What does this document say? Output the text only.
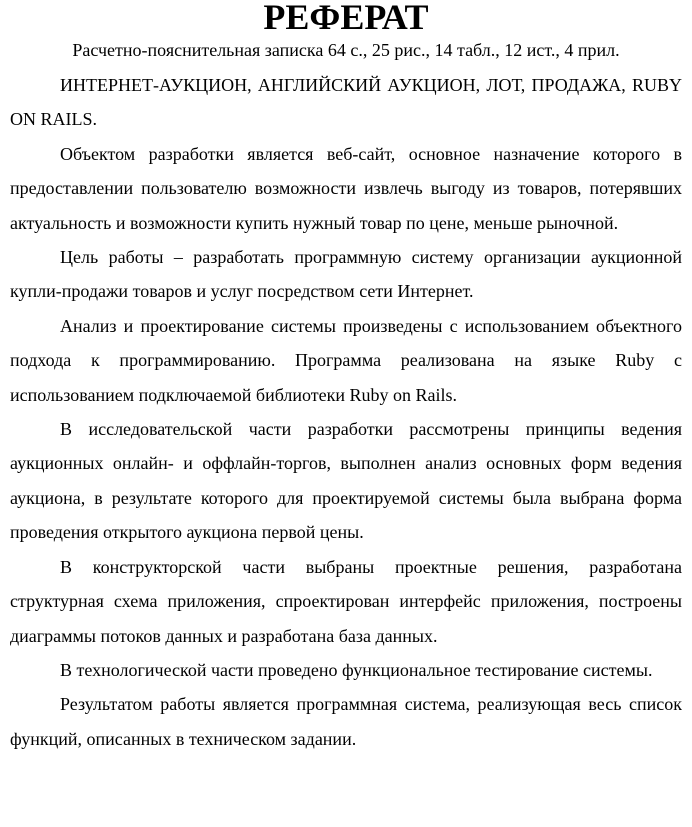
РЕФЕРАТ

Расчетно-пояснительная записка 64 с., 25 рис., 14 табл., 12 ист., 4 прил.

ИНТЕРНЕТ-АУКЦИОН, АНГЛИЙСКИЙ АУКЦИОН, ЛОТ, ПРОДАЖА, RUBY ON RAILS.

Объектом разработки является веб-сайт, основное назначение которого в предоставлении пользователю возможности извлечь выгоду из товаров, потерявших актуальность и возможности купить нужный товар по цене, меньше рыночной.

Цель работы – разработать программную систему организации аукционной купли-продажи товаров и услуг посредством сети Интернет.

Анализ и проектирование системы произведены с использованием объектного подхода к программированию. Программа реализована на языке Ruby с использованием подключаемой библиотеки Ruby on Rails.

В исследовательской части разработки рассмотрены принципы ведения аукционных онлайн- и оффлайн-торгов, выполнен анализ основных форм ведения аукциона, в результате которого для проектируемой системы была выбрана форма проведения открытого аукциона первой цены.

В конструкторской части выбраны проектные решения, разработана структурная схема приложения, спроектирован интерфейс приложения, построены диаграммы потоков данных и разработана база данных.

В технологической части проведено функциональное тестирование системы.

Результатом работы является программная система, реализующая весь список функций, описанных в техническом задании.
